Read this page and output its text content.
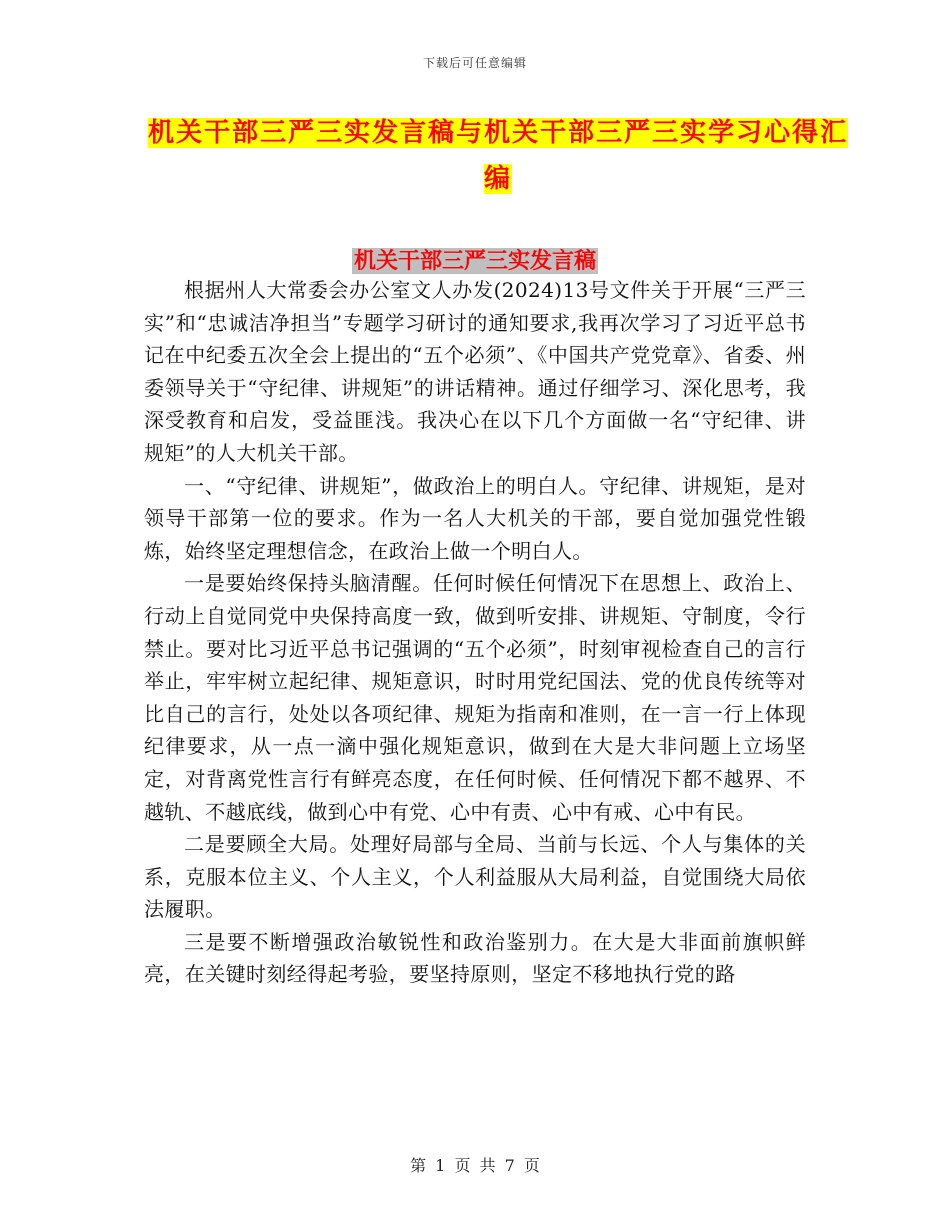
下载后可任意编辑
机关干部三严三实发言稿与机关干部三严三实学习心得汇编
机关干部三严三实发言稿

根据州人大常委会办公室文人办发(2024)13号文件关于开展“三严三实”和“忠诚洁净担当”专题学习研讨的通知要求,我再次学习了习近平总书记在中纪委五次全会上提出的“五个必须”、《中国共产党党章》、省委、州委领导关于“守纪律、讲规矩”的讲话精神。通过仔细学习、深化思考，我深受教育和启发，受益匪浅。我决心在以下几个方面做一名“守纪律、讲规矩”的人大机关干部。

一、“守纪律、讲规矩”，做政治上的明白人。守纪律、讲规矩，是对领导干部第一位的要求。作为一名人大机关的干部，要自觉加强党性锻炼，始终坚定理想信念，在政治上做一个明白人。

一是要始终保持头脑清醒。任何时候任何情况下在思想上、政治上、行动上自觉同党中央保持高度一致，做到听安排、讲规矩、守制度，令行禁止。要对比习近平总书记强调的“五个必须”，时刻审视检查自己的言行举止，牢牢树立起纪律、规矩意识，时时用党纪国法、党的优良传统等对比自己的言行，处处以各项纪律、规矩为指南和准则，在一言一行上体现纪律要求，从一点一滴中强化规矩意识，做到在大是大非问题上立场坚定，对背离党性言行有鲜亮态度，在任何时候、任何情况下都不越界、不越轨、不越底线，做到心中有党、心中有责、心中有戒、心中有民。

二是要顾全大局。处理好局部与全局、当前与长远、个人与集体的关系，克服本位主义、个人主义，个人利益服从大局利益，自觉围绕大局依法履职。

三是要不断增强政治敏锐性和政治鉴别力。在大是大非面前旗帜鲜亮，在关键时刻经得起考验，要坚持原则，坚定不移地执行党的路

第 1 页 共 7 页
